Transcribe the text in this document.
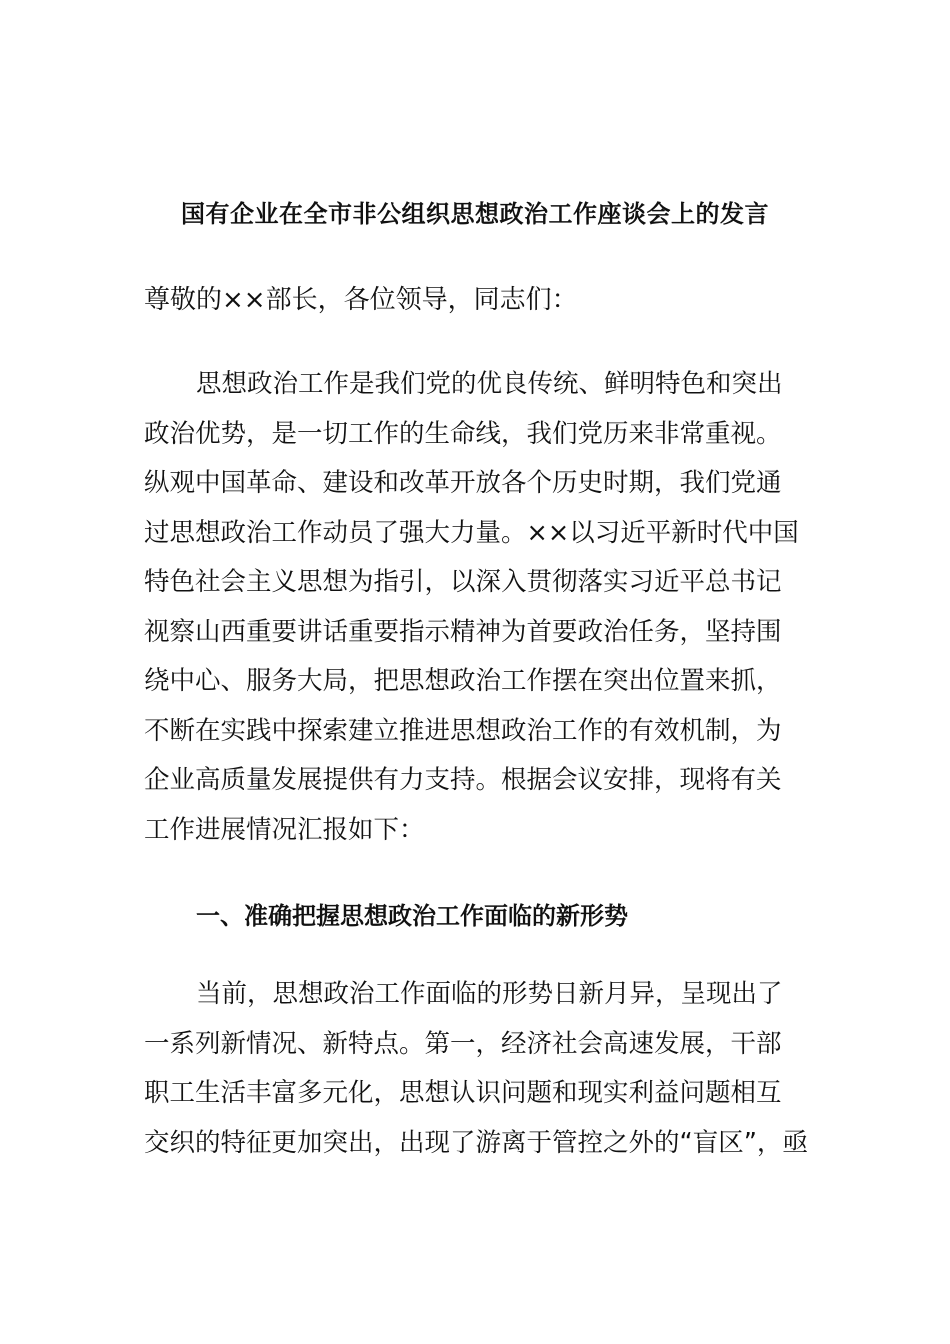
国有企业在全市非公组织思想政治工作座谈会上的发言
尊敬的××部长，各位领导，同志们：
思想政治工作是我们党的优良传统、鲜明特色和突出
政治优势，是一切工作的生命线，我们党历来非常重视。
纵观中国革命、建设和改革开放各个历史时期，我们党通
过思想政治工作动员了强大力量。××以习近平新时代中国
特色社会主义思想为指引，以深入贯彻落实习近平总书记
视察山西重要讲话重要指示精神为首要政治任务，坚持围
绕中心、服务大局，把思想政治工作摆在突出位置来抓，
不断在实践中探索建立推进思想政治工作的有效机制，为
企业高质量发展提供有力支持。根据会议安排，现将有关
工作进展情况汇报如下：
一、准确把握思想政治工作面临的新形势
当前，思想政治工作面临的形势日新月异，呈现出了
一系列新情况、新特点。第一，经济社会高速发展，干部
职工生活丰富多元化，思想认识问题和现实利益问题相互
交织的特征更加突出，出现了游离于管控之外的“盲区”，亟
